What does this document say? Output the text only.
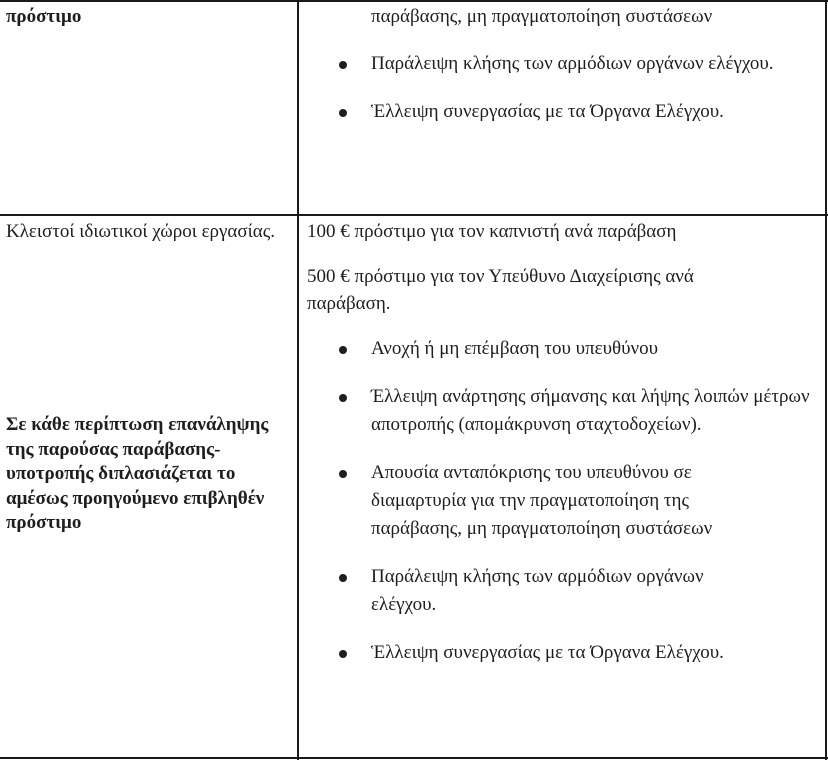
πρόστιμο	παράβασης, μη πραγματοποίηση συστάσεων

Παράλειψη κλήσης των αρμόδιων οργάνων ελέγχου.
Ἑλλειψη συνεργασίας με τα Όργανα Ελέγχου.

Κλειστοί ιδιωτικοί χώροι εργασίας.

Σε κάθε περίπτωση επανάληψης της παρούσας παράβασης-υποτροπής διπλασιάζεται το αμέσως προηγούμενο επιβληθέν πρόστιμο

100 € πρόστιμο για τον καπνιστή ανά παράβαση

500 € πρόστιμο για τον Υπεύθυνο Διαχείρισης ανά παράβαση.

Ανοχή ή μη επέμβαση του υπευθύνου
Έλλειψη ανάρτησης σήμανσης και λήψης λοιπών μέτρων αποτροπής (απομάκρυνση σταχτοδοχείων).
Απουσία ανταπόκρισης του υπευθύνου σε διαμαρτυρία για την πραγματοποίηση της παράβασης, μη πραγματοποίηση συστάσεων
Παράλειψη κλήσης των αρμόδιων οργάνων ελέγχου.
Ἑλλειψη συνεργασίας με τα Όργανα Ελέγχου.
